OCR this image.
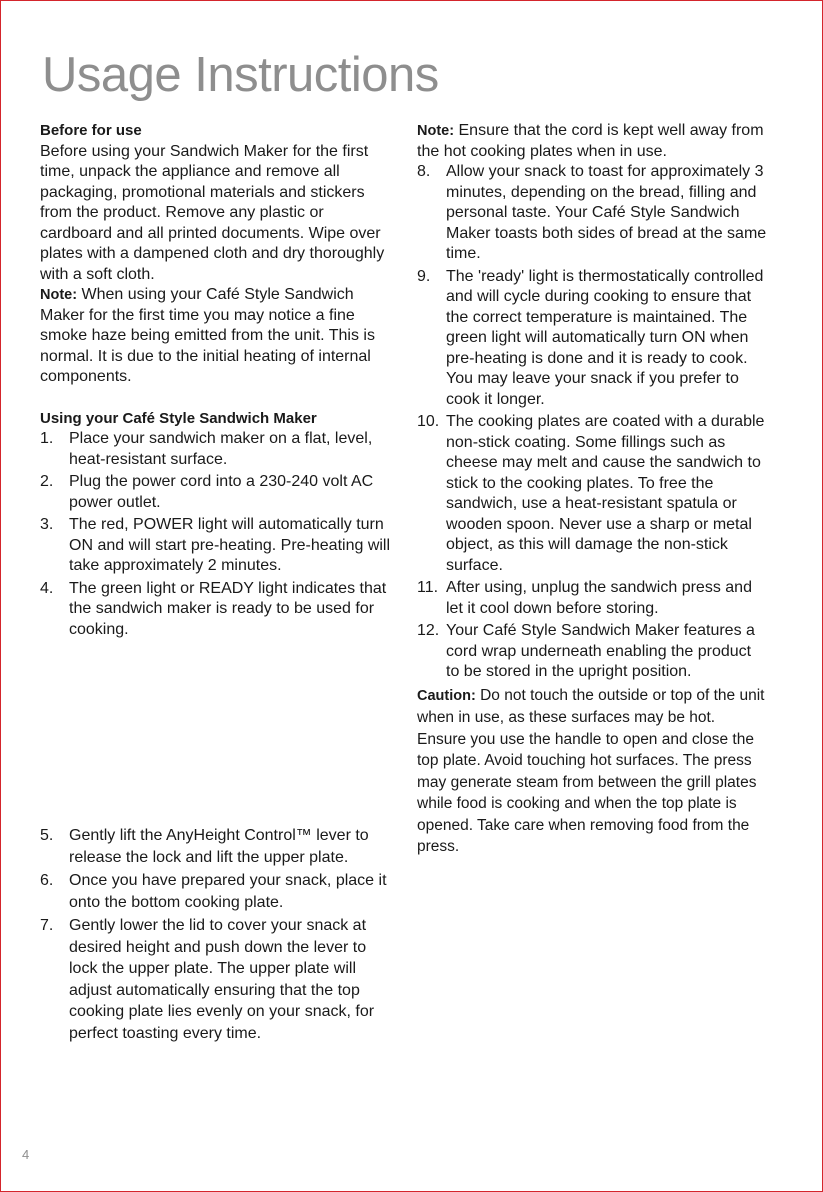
Usage Instructions

Before for use

Before using your Sandwich Maker for the first time, unpack the appliance and remove all packaging, promotional materials and stickers from the product. Remove any plastic or cardboard and all printed documents. Wipe over plates with a dampened cloth and dry thoroughly with a soft cloth.

Note: When using your Café Style Sandwich Maker for the first time you may notice a fine smoke haze being emitted from the unit. This is normal. It is due to the initial heating of internal components.

Using your Café Style Sandwich Maker

1. Place your sandwich maker on a flat, level, heat-resistant surface.
2. Plug the power cord into a 230-240 volt AC power outlet.
3. The red, POWER light will automatically turn ON and will start pre-heating. Pre-heating will take approximately 2 minutes.
4. The green light or READY light indicates that the sandwich maker is ready to be used for cooking.
5. Gently lift the AnyHeight Control™ lever to release the lock and lift the upper plate.
6. Once you have prepared your snack, place it onto the bottom cooking plate.
7. Gently lower the lid to cover your snack at desired height and push down the lever to lock the upper plate. The upper plate will adjust automatically ensuring that the top cooking plate lies evenly on your snack, for perfect toasting every time.

Note: Ensure that the cord is kept well away from the hot cooking plates when in use.

8. Allow your snack to toast for approximately 3 minutes, depending on the bread, filling and personal taste. Your Café Style Sandwich Maker toasts both sides of bread at the same time.
9. The 'ready' light is thermostatically controlled and will cycle during cooking to ensure that the correct temperature is maintained. The green light will automatically turn ON when pre-heating is done and it is ready to cook. You may leave your snack if you prefer to cook it longer.
10. The cooking plates are coated with a durable non-stick coating. Some fillings such as cheese may melt and cause the sandwich to stick to the cooking plates. To free the sandwich, use a heat-resistant spatula or wooden spoon. Never use a sharp or metal object, as this will damage the non-stick surface.
11. After using, unplug the sandwich press and let it cool down before storing.
12. Your Café Style Sandwich Maker features a cord wrap underneath enabling the product to be stored in the upright position.

Caution: Do not touch the outside or top of the unit when in use, as these surfaces may be hot. Ensure you use the handle to open and close the top plate. Avoid touching hot surfaces. The press may generate steam from between the grill plates while food is cooking and when the top plate is opened. Take care when removing food from the press.

4
